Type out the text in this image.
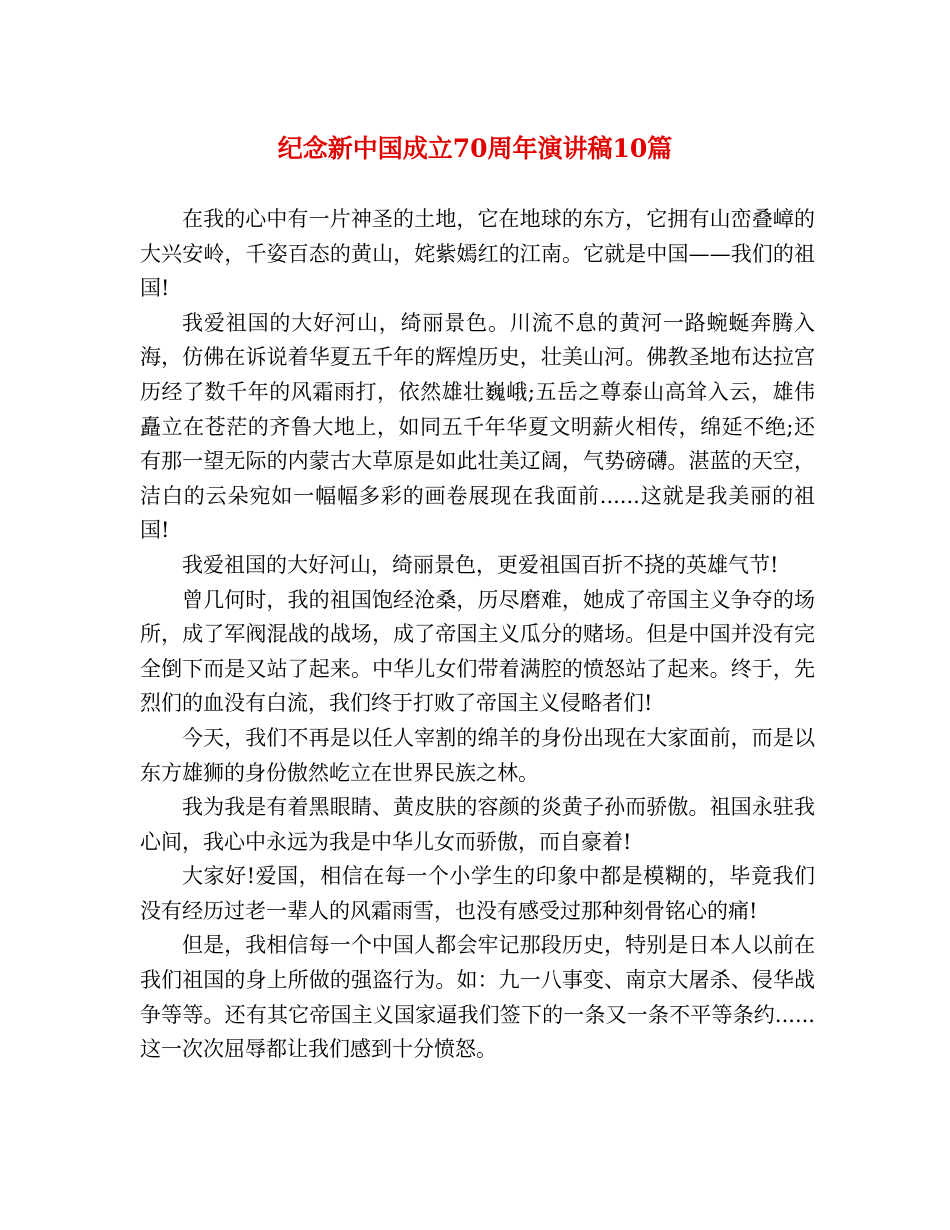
纪念新中国成立70周年演讲稿10篇

在我的心中有一片神圣的土地，它在地球的东方，它拥有山峦叠嶂的大兴安岭，千姿百态的黄山，姹紫嫣红的江南。它就是中国——我们的祖国!

我爱祖国的大好河山，绮丽景色。川流不息的黄河一路蜿蜒奔腾入海，仿佛在诉说着华夏五千年的辉煌历史，壮美山河。佛教圣地布达拉宫历经了数千年的风霜雨打，依然雄壮巍峨;五岳之尊泰山高耸入云，雄伟矗立在苍茫的齐鲁大地上，如同五千年华夏文明薪火相传，绵延不绝;还有那一望无际的内蒙古大草原是如此壮美辽阔，气势磅礴。湛蓝的天空，洁白的云朵宛如一幅幅多彩的画卷展现在我面前......这就是我美丽的祖国!

我爱祖国的大好河山，绮丽景色，更爱祖国百折不挠的英雄气节!

曾几何时，我的祖国饱经沧桑，历尽磨难，她成了帝国主义争夺的场所，成了军阀混战的战场，成了帝国主义瓜分的赌场。但是中国并没有完全倒下而是又站了起来。中华儿女们带着满腔的愤怒站了起来。终于，先烈们的血没有白流，我们终于打败了帝国主义侵略者们!

今天，我们不再是以任人宰割的绵羊的身份出现在大家面前，而是以东方雄狮的身份傲然屹立在世界民族之林。

我为我是有着黑眼睛、黄皮肤的容颜的炎黄子孙而骄傲。祖国永驻我心间，我心中永远为我是中华儿女而骄傲，而自豪着!

大家好!爱国，相信在每一个小学生的印象中都是模糊的，毕竟我们没有经历过老一辈人的风霜雨雪，也没有感受过那种刻骨铭心的痛!

但是，我相信每一个中国人都会牢记那段历史，特别是日本人以前在我们祖国的身上所做的强盗行为。如：九一八事变、南京大屠杀、侵华战争等等。还有其它帝国主义国家逼我们签下的一条又一条不平等条约......这一次次屈辱都让我们感到十分愤怒。
